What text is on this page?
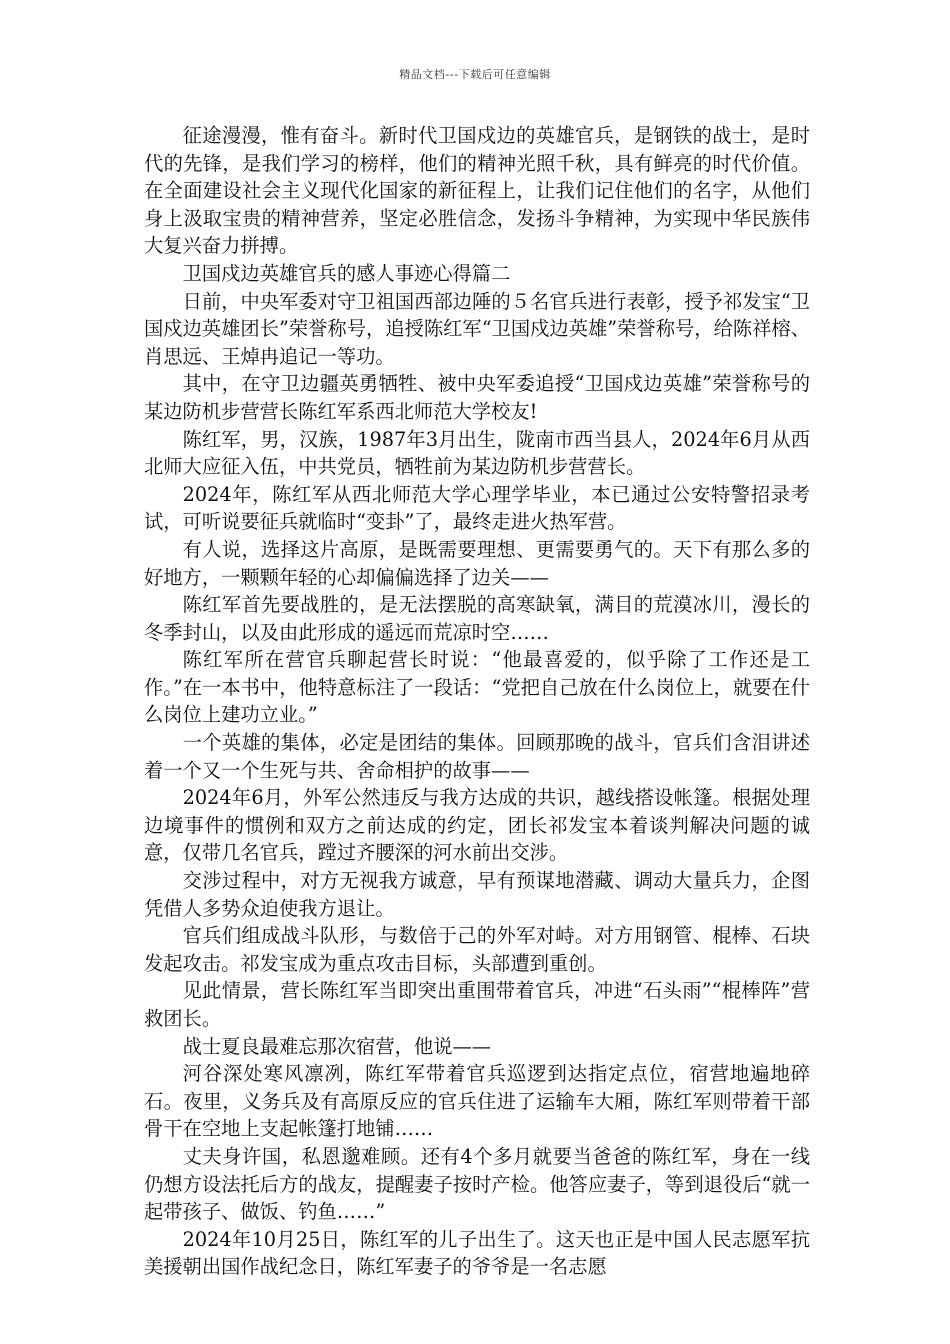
精品文档---下载后可任意编辑

征途漫漫，惟有奋斗。新时代卫国戍边的英雄官兵，是钢铁的战士，是时代的先锋，是我们学习的榜样，他们的精神光照千秋，具有鲜亮的时代价值。在全面建设社会主义现代化国家的新征程上，让我们记住他们的名字，从他们身上汲取宝贵的精神营养，坚定必胜信念，发扬斗争精神，为实现中华民族伟大复兴奋力拼搏。

卫国戍边英雄官兵的感人事迹心得篇二

日前，中央军委对守卫祖国西部边陲的５名官兵进行表彰，授予祁发宝“卫国戍边英雄团长”荣誉称号，追授陈红军“卫国戍边英雄”荣誉称号，给陈祥榕、肖思远、王焯冉追记一等功。

其中，在守卫边疆英勇牺牲、被中央军委追授“卫国戍边英雄”荣誉称号的某边防机步营营长陈红军系西北师范大学校友!

陈红军，男，汉族，1987年3月出生，陇南市西当县人，2024年6月从西北师大应征入伍，中共党员，牺牲前为某边防机步营营长。

2024年，陈红军从西北师范大学心理学毕业，本已通过公安特警招录考试，可听说要征兵就临时“变卦”了，最终走进火热军营。

有人说，选择这片高原，是既需要理想、更需要勇气的。天下有那么多的好地方，一颗颗年轻的心却偏偏选择了边关——

陈红军首先要战胜的，是无法摆脱的高寒缺氧，满目的荒漠冰川，漫长的冬季封山，以及由此形成的遥远而荒凉时空……

陈红军所在营官兵聊起营长时说：“他最喜爱的，似乎除了工作还是工作。”在一本书中，他特意标注了一段话：“党把自己放在什么岗位上，就要在什么岗位上建功立业。”

一个英雄的集体，必定是团结的集体。回顾那晚的战斗，官兵们含泪讲述着一个又一个生死与共、舍命相护的故事——

2024年6月，外军公然违反与我方达成的共识，越线搭设帐篷。根据处理边境事件的惯例和双方之前达成的约定，团长祁发宝本着谈判解决问题的诚意，仅带几名官兵，蹚过齐腰深的河水前出交涉。

交涉过程中，对方无视我方诚意，早有预谋地潜藏、调动大量兵力，企图凭借人多势众迫使我方退让。

官兵们组成战斗队形，与数倍于己的外军对峙。对方用钢管、棍棒、石块发起攻击。祁发宝成为重点攻击目标，头部遭到重创。

见此情景，营长陈红军当即突出重围带着官兵，冲进“石头雨”“棍棒阵”营救团长。

战士夏良最难忘那次宿营，他说——

河谷深处寒风凛冽，陈红军带着官兵巡逻到达指定点位，宿营地遍地碎石。夜里，义务兵及有高原反应的官兵住进了运输车大厢，陈红军则带着干部骨干在空地上支起帐篷打地铺……

丈夫身许国，私恩邈难顾。还有4个多月就要当爸爸的陈红军，身在一线仍想方设法托后方的战友，提醒妻子按时产检。他答应妻子，等到退役后“就一起带孩子、做饭、钓鱼……”

2024年10月25日，陈红军的儿子出生了。这天也正是中国人民志愿军抗美援朝出国作战纪念日，陈红军妻子的爷爷是一名志愿
